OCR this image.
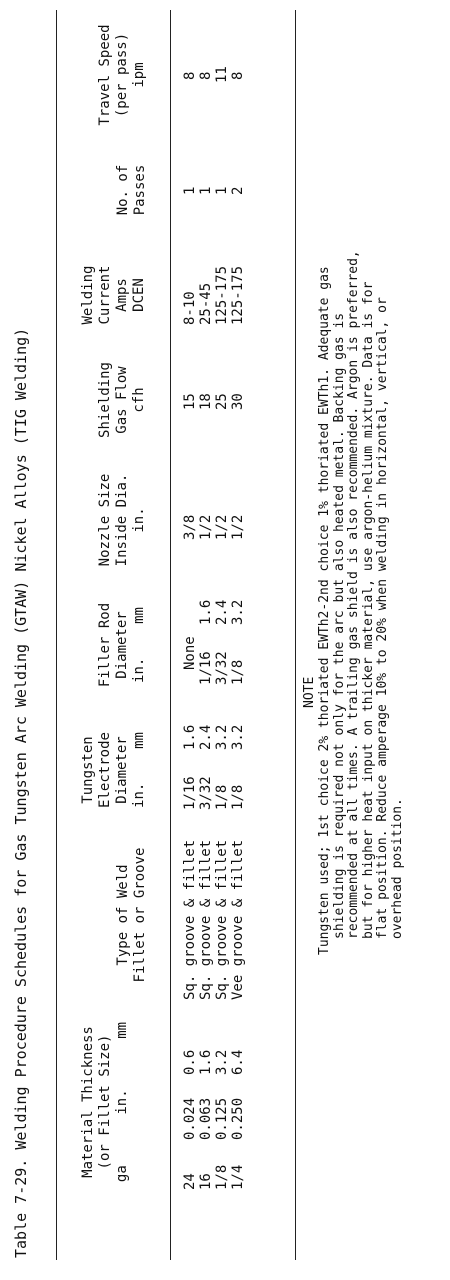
Table 7-29. Welding Procedure Schedules for Gas Tungsten Arc Welding (GTAW) Nickel Alloys (TIG Welding)	Material Thickness
(or Fillet Size)
ga      in.      mm
Type of Weld
Fillet or Groove
Tungsten
Electrode
Diameter
in.    mm
Filler Rod
Diameter
in.    mm
Nozzle Size
Inside Dia.
in.
Shielding
Gas Flow
cfh
Welding
Current
Amps
DCEN
No. of
Passes
Travel Speed
(per pass)
ipm
24
0.024
0.6
Sq. groove & fillet
1/16
1.6
None
3/8
15
8-10
1
8
16
0.063
1.6
Sq. groove & fillet
3/32
2.4
1/16
1.6
1/2
18
25-45
1
8
1/8
0.125
3.2
Sq. groove & fillet
1/8
3.2
3/32
2.4
1/2
25
125-175
1
11
1/4
0.250
6.4
Vee groove & fillet
1/8
3.2
1/8
3.2
1/2
30
125-175
2
8
NOTE Tungsten used; 1st choice 2% thoriated EWTh2-2nd choice 1% thoriated EWTh1. Adequate gas shielding is required not only for the arc but also heated metal. Backing gas is recommended at all times. A trailing gas shield is also recommended. Argon is preferred, but for higher heat input on thicker material, use argon-helium mixture. Data is for flat position. Reduce amperage 10% to 20% when welding in horizontal, vertical, or overhead position.
